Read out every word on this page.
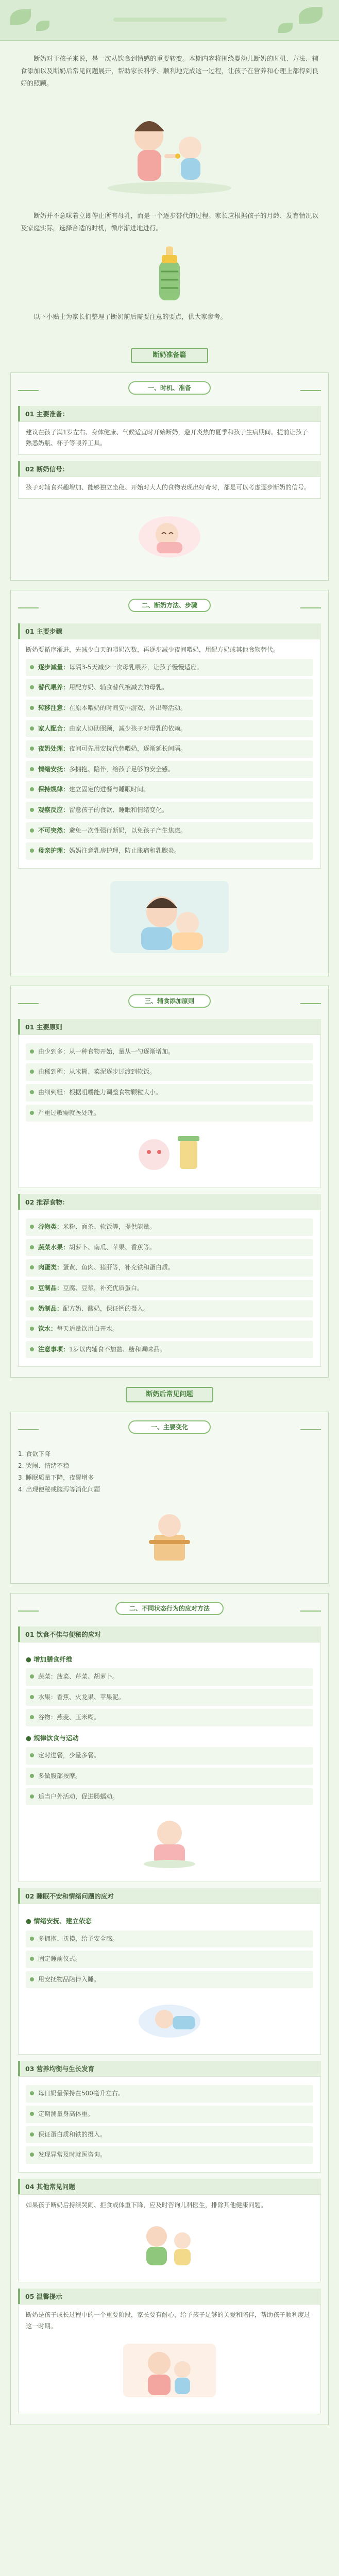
断奶对于孩子来说，是一次从饮食到情感的重要转变。本期内容将围绕婴幼儿断奶的时机、方法、辅食添加以及断奶后常见问题展开，帮助家长科学、顺利地完成这一过程，让孩子在营养和心理上都得到良好的照顾。

断奶并不意味着立即停止所有母乳，而是一个逐步替代的过程。家长应根据孩子的月龄、发育情况以及家庭实际，选择合适的时机，循序渐进地进行。

以下小贴士为家长们整理了断奶前后需要注意的要点，供大家参考。
断奶准备篇
一、时机、准备
01 主要准备：
建议在孩子满1岁左右、身体健康、气候适宜时开始断奶，避开炎热的夏季和孩子生病期间。提前让孩子熟悉奶瓶、杯子等喂养工具。
02 断奶信号：
孩子对辅食兴趣增加、能够独立坐稳、开始对大人的食物表现出好奇时，都是可以考虑逐步断奶的信号。
二、断奶方法、步骤
01 主要步骤
断奶要循序渐进，先减少白天的喂奶次数，再逐步减少夜间喂奶，用配方奶或其他食物替代。
逐步减量：每隔3-5天减少一次母乳喂养，让孩子慢慢适应。
替代喂养：用配方奶、辅食替代被减去的母乳。
转移注意：在原本喂奶的时间安排游戏、外出等活动。
家人配合：由家人协助照顾，减少孩子对母乳的依赖。
夜奶处理：夜间可先用安抚代替喂奶，逐渐延长间隔。
情绪安抚：多拥抱、陪伴，给孩子足够的安全感。
保持规律：建立固定的进餐与睡眠时间。
观察反应：留意孩子的食欲、睡眠和情绪变化。
不可突然：避免一次性强行断奶，以免孩子产生焦虑。
母亲护理：妈妈注意乳房护理，防止胀痛和乳腺炎。
三、辅食添加原则
01 主要原则
由少到多：从一种食物开始，量从一勺逐渐增加。
由稀到稠：从米糊、菜泥逐步过渡到软饭。
由细到粗：根据咀嚼能力调整食物颗粒大小。
严重过敏需就医处理。
02 推荐食物：
谷物类：米粉、面条、软饭等，提供能量。
蔬菜水果：胡萝卜、南瓜、苹果、香蕉等。
肉蛋类：蛋黄、鱼肉、猪肝等，补充铁和蛋白质。
豆制品：豆腐、豆浆，补充优质蛋白。
奶制品：配方奶、酸奶，保证钙的摄入。
饮水：每天适量饮用白开水。
注意事项：1岁以内辅食不加盐、糖和调味品。
断奶后常见问题
一、主要变化
1. 食欲下降
2. 哭闹、情绪不稳
3. 睡眠质量下降，夜醒增多
4. 出现便秘或腹泻等消化问题
二、不同状态行为的应对方法
01 饮食不佳与便秘的应对
● 增加膳食纤维
蔬菜：菠菜、芹菜、胡萝卜。
水果：香蕉、火龙果、苹果泥。
谷物：燕麦、玉米糊。
● 规律饮食与运动
定时进餐，少量多餐。
多做腹部按摩。
适当户外活动，促进肠蠕动。
02 睡眠不安和情绪问题的应对
● 情绪安抚、建立依恋
多拥抱、抚摸，给予安全感。
固定睡前仪式。
用安抚物品陪伴入睡。
03 营养均衡与生长发育
每日奶量保持在500毫升左右。
定期测量身高体重。
保证蛋白质和铁的摄入。
发现异常及时就医咨询。
04 其他常见问题
如果孩子断奶后持续哭闹、拒食或体重下降，应及时咨询儿科医生，排除其他健康问题。
05 温馨提示
断奶是孩子成长过程中的一个重要阶段，家长要有耐心，给予孩子足够的关爱和陪伴，帮助孩子顺利度过这一时期。
